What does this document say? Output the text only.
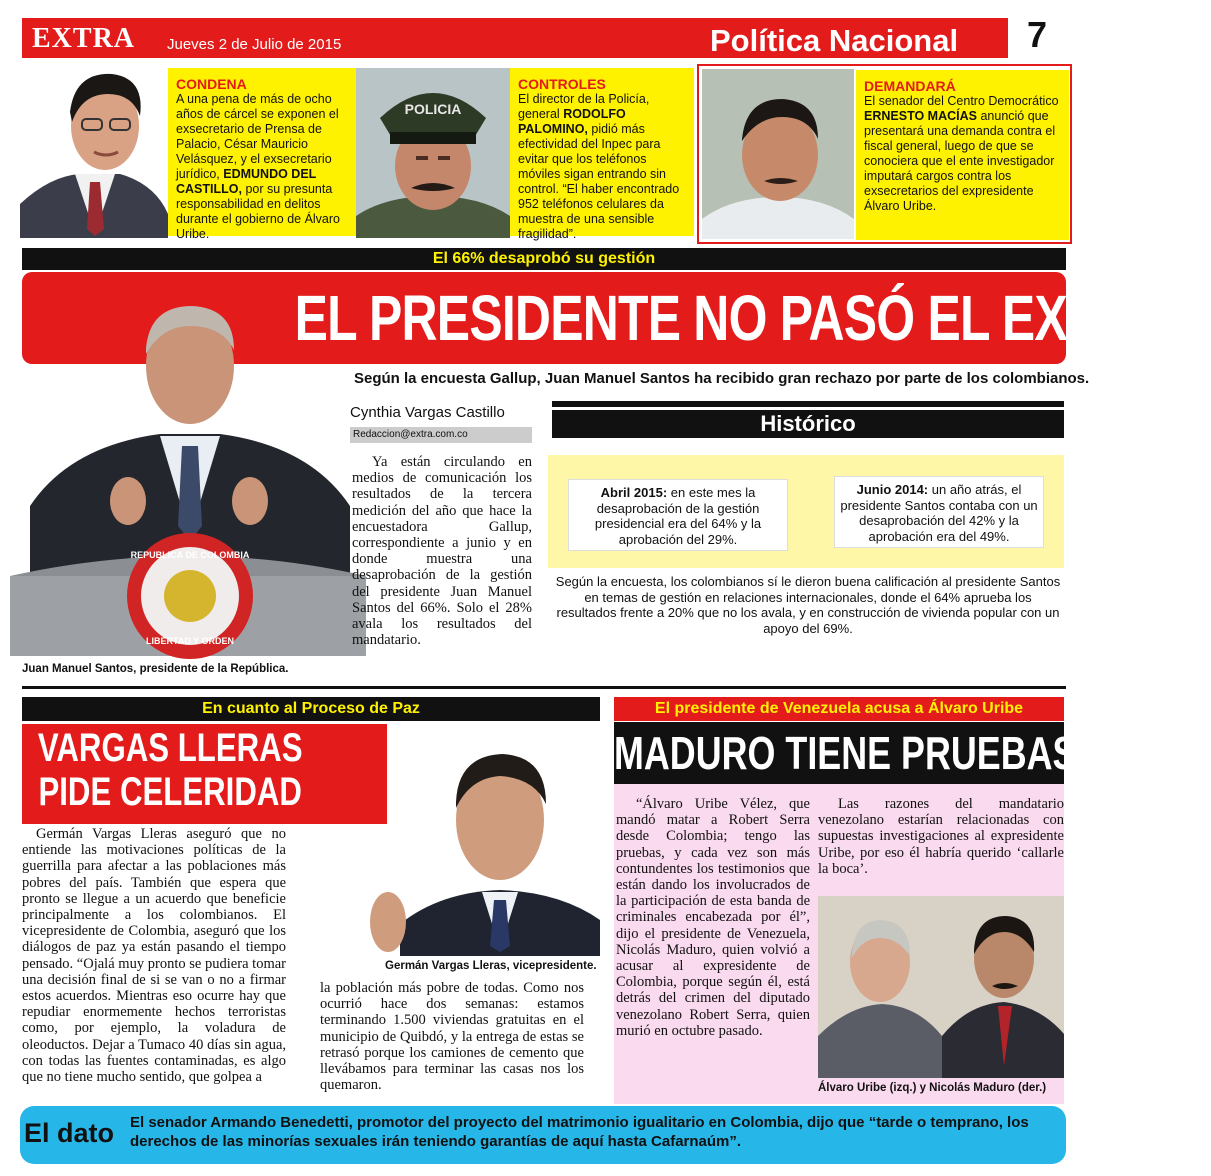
EXTRA Jueves 2 de Julio de 2015	Política Nacional	7
CONDENA
A una pena de más de ocho años de cárcel se exponen el exsecretario de Prensa de Palacio, César Mauricio Velásquez, y el exsecretario jurídico, EDMUNDO DEL CASTILLO, por su presunta responsabilidad en delitos durante el gobierno de Álvaro Uribe.
POLICIA
CONTROLES
El director de la Policía, general RODOLFO PALOMINO, pidió más efectividad del Inpec para evitar que los teléfonos móviles sigan entrando sin control. “El haber encontrado 952 teléfonos celulares da muestra de una sensible fragilidad”.
DEMANDARÁ
El senador del Centro Democrático ERNESTO MACÍAS anunció que presentará una demanda contra el fiscal general, luego de que se conociera que el ente investigador imputará cargos contra los exsecretarios del expresidente Álvaro Uribe.
El 66% desaprobó su gestión
EL PRESIDENTE NO PASÓ EL EXÁMEN
REPUBLICA DE COLOMBIA
LIBERTAD Y ORDEN
Juan Manuel Santos, presidente de la República.
Según la encuesta Gallup, Juan Manuel Santos ha recibido gran rechazo por parte de los colombianos.
Cynthia Vargas Castillo
Redaccion@extra.com.co
Ya están circulando en medios de comunicación los resultados de la tercera medición del año que hace la encuestadora Gallup, correspondiente a junio y en donde muestra una desaprobación de la gestión del presidente Juan Manuel Santos del 66%. Solo el 28% avala los resultados del mandatario.
Histórico
Abril 2015: en este mes la desaprobación de la gestión presidencial era del 64% y la aprobación del 29%.
Junio 2014: un año atrás, el presidente Santos contaba con un desaprobación del 42% y la aprobación era del 49%.
Según la encuesta, los colombianos sí le dieron buena calificación al presidente Santos en temas de gestión en relaciones internacionales, donde el 64% aprueba los resultados frente a 20% que no los avala, y en construcción de vivienda popular con un apoyo del 69%.
En cuanto al Proceso de Paz
VARGAS LLERAS
PIDE CELERIDAD
Germán Vargas Lleras, vicepresidente.
Germán Vargas Lleras aseguró que no entiende las motivaciones políticas de la guerrilla para afectar a las poblaciones más pobres del país. También que espera que pronto se llegue a un acuerdo que beneficie principalmente a los colombianos. El vicepresidente de Colombia, aseguró que los diálogos de paz ya están pasando el tiempo pensado. “Ojalá muy pronto se pudiera tomar una decisión final de si se van o no a firmar estos acuerdos. Mientras eso ocurre hay que repudiar enormemente hechos terroristas como, por ejemplo, la voladura de oleoductos. Dejar a Tumaco 40 días sin agua, con todas las fuentes contaminadas, es algo que no tiene mucho sentido, que golpea a
la población más pobre de todas. Como nos ocurrió hace dos semanas: estamos terminando 1.500 viviendas gratuitas en el municipio de Quibdó, y la entrega de estas se retrasó porque los camiones de cemento que llevábamos para terminar las casas nos los quemaron.
El presidente de Venezuela acusa a Álvaro Uribe
MADURO TIENE PRUEBAS
“Álvaro Uribe Vélez, que mandó matar a Robert Serra desde Colombia; tengo las pruebas, y cada vez son más contundentes los testimonios que están dando los involucrados de la participación de esta banda de criminales encabezada por él”, dijo el presidente de Venezuela, Nicolás Maduro, quien volvió a acusar al expresidente de Colombia, porque según él, está detrás del crimen del diputado venezolano Robert Serra, quien murió en octubre pasado.
Las razones del mandatario venezolano estarían relacionadas con supuestas investigaciones al expresidente Uribe, por eso él habría querido ‘callarle la boca’.
Álvaro Uribe (izq.) y Nicolás Maduro (der.)
El dato El senador Armando Benedetti, promotor del proyecto del matrimonio igualitario en Colombia, dijo que “tarde o temprano, los derechos de las minorías sexuales irán teniendo garantías de aquí hasta Cafarnaúm”.
